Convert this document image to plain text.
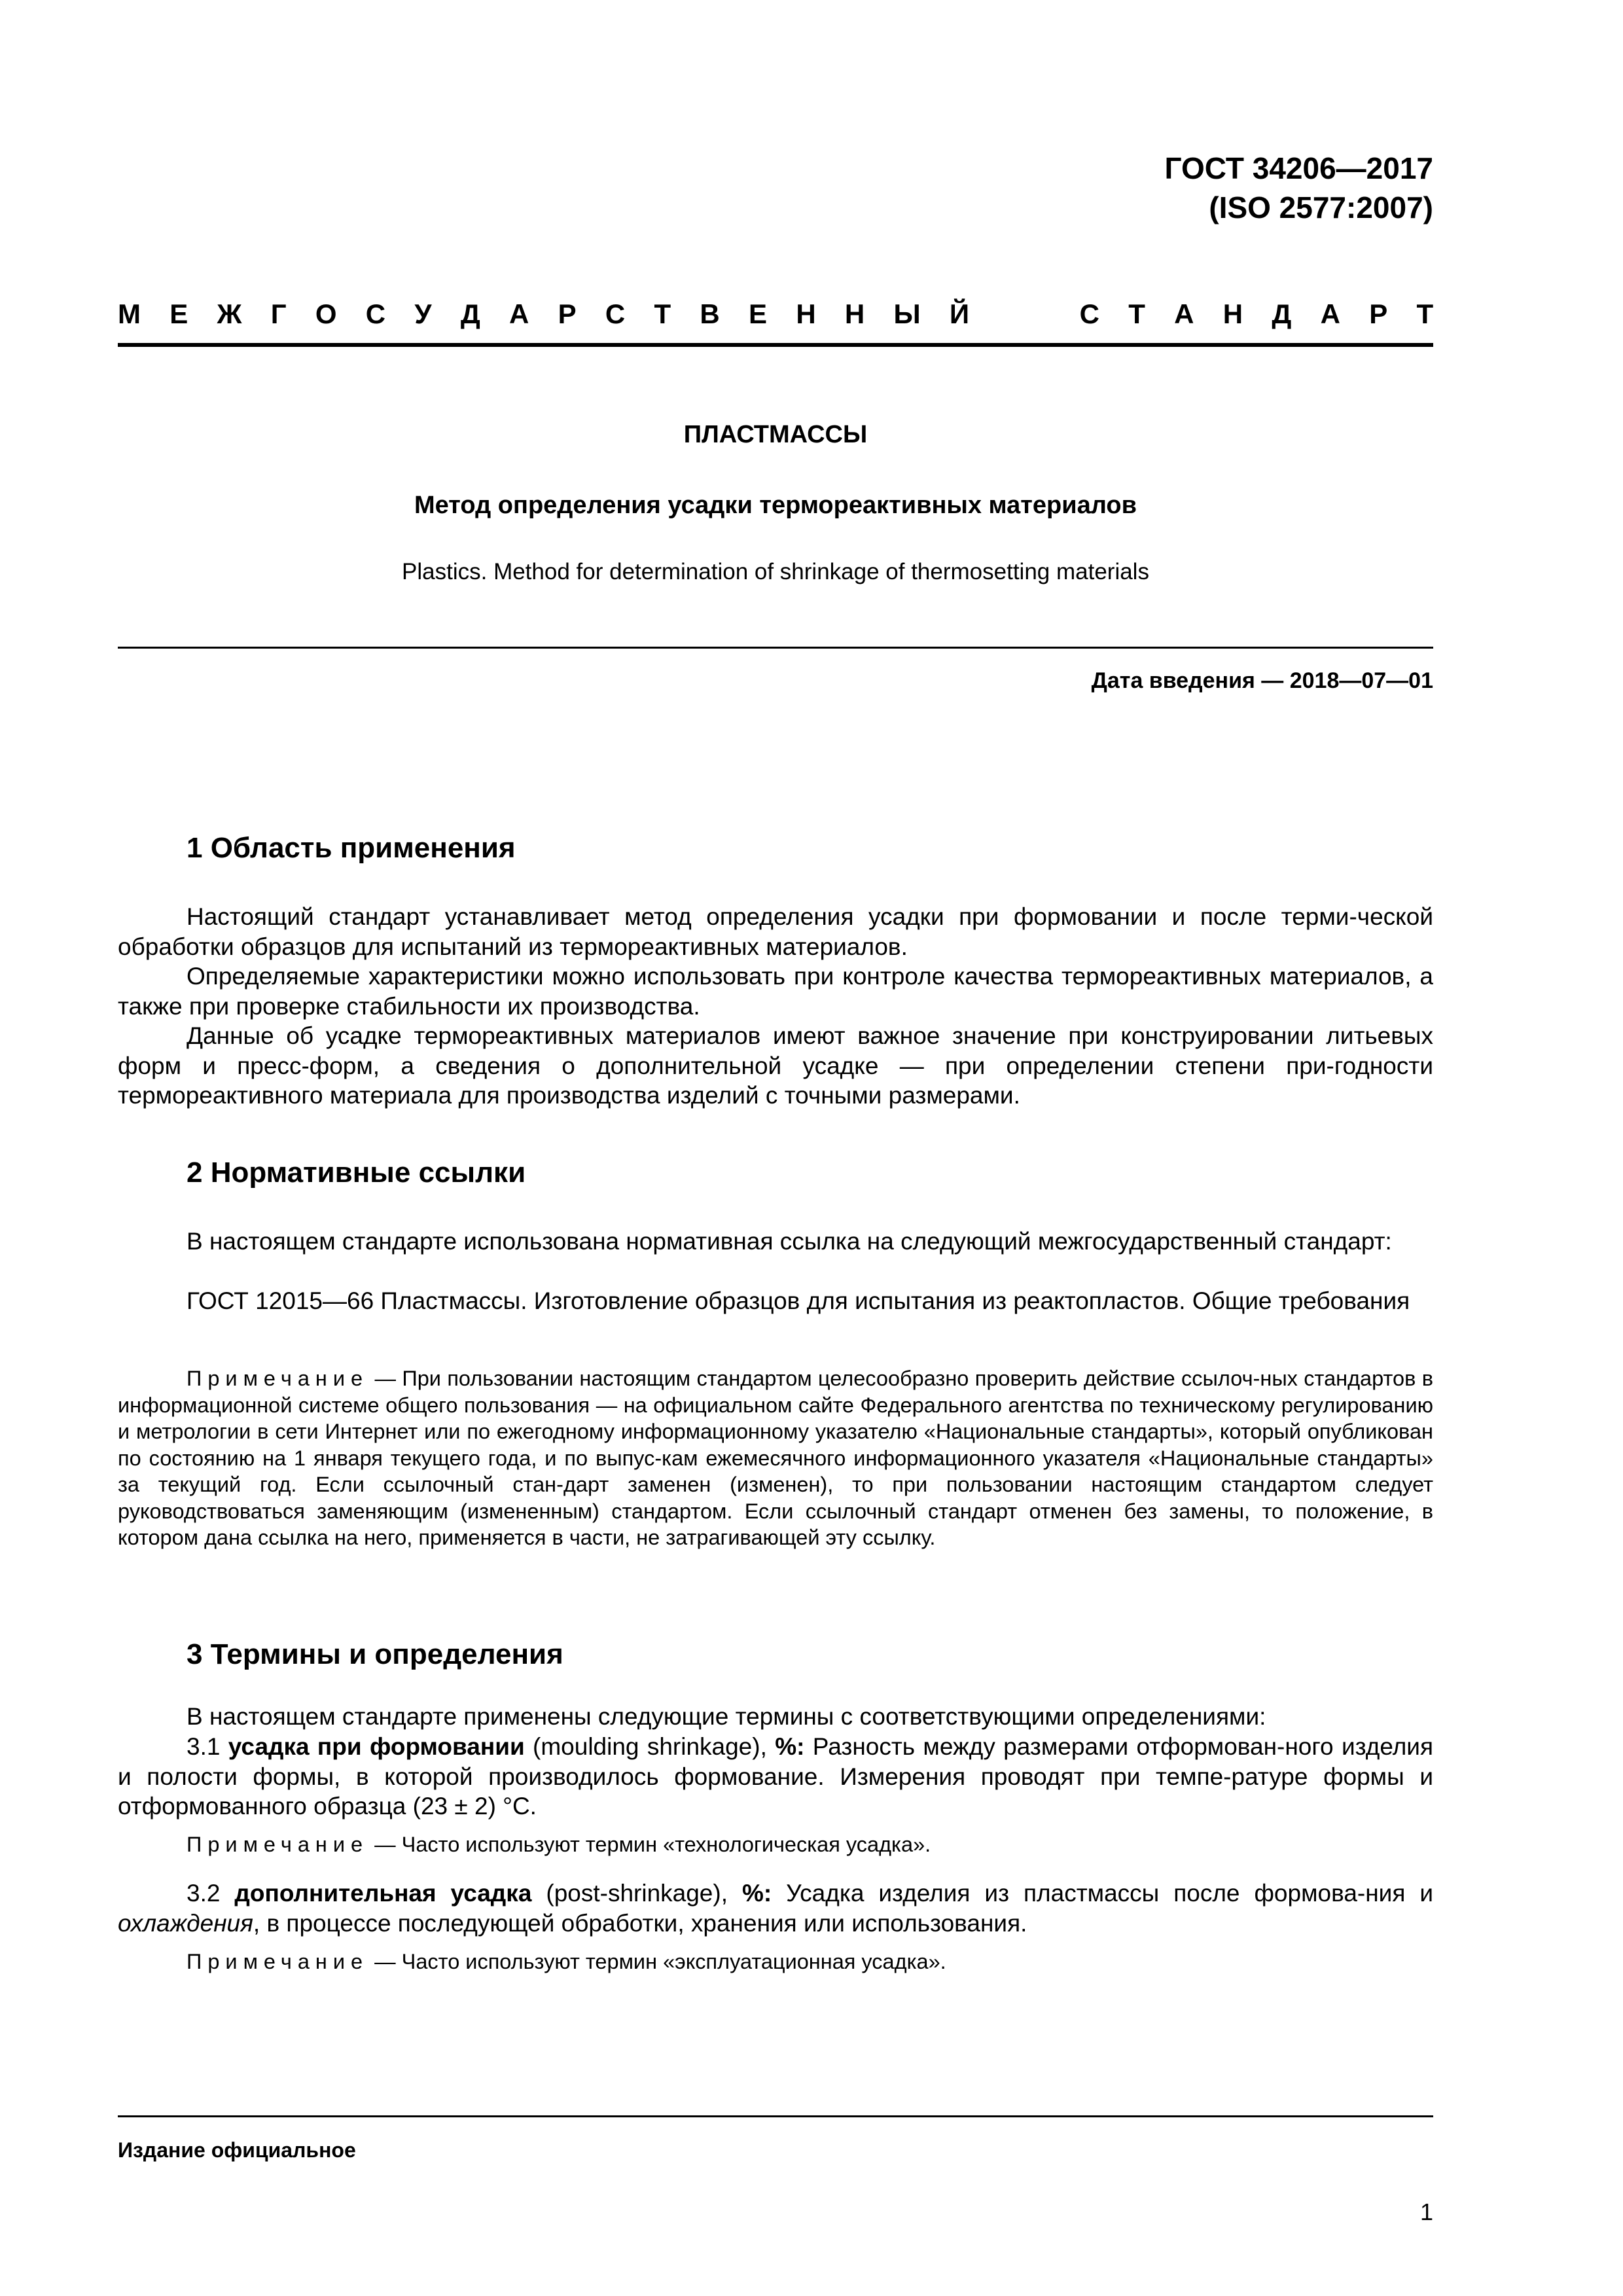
ГОСТ 34206—2017
(ISO 2577:2007)
М Е Ж Г О С У Д А Р С Т В Е Н Н Ы Й	С Т А Н Д А Р Т
ПЛАСТМАССЫ
Метод определения усадки термореактивных материалов
Plastics. Method for determination of shrinkage of thermosetting materials
Дата введения — 2018—07—01
1 Область применения
Настоящий стандарт устанавливает метод определения усадки при формовании и после терми-ческой обработки образцов для испытаний из термореактивных материалов.
Определяемые характеристики можно использовать при контроле качества термореактивных материалов, а также при проверке стабильности их производства.
Данные об усадке термореактивных материалов имеют важное значение при конструировании литьевых форм и пресс-форм, а сведения о дополнительной усадке — при определении степени при-годности термореактивного материала для производства изделий с точными размерами.
2 Нормативные ссылки
В настоящем стандарте использована нормативная ссылка на следующий межгосударственный стандарт:
ГОСТ 12015—66 Пластмассы. Изготовление образцов для испытания из реактопластов. Общие требования
Примечание — При пользовании настоящим стандартом целесообразно проверить действие ссылоч-ных стандартов в информационной системе общего пользования — на официальном сайте Федерального агентства по техническому регулированию и метрологии в сети Интернет или по ежегодному информационному указателю «Национальные стандарты», который опубликован по состоянию на 1 января текущего года, и по выпус-кам ежемесячного информационного указателя «Национальные стандарты» за текущий год. Если ссылочный стан-дарт заменен (изменен), то при пользовании настоящим стандартом следует руководствоваться заменяющим (измененным) стандартом. Если ссылочный стандарт отменен без замены, то положение, в котором дана ссылка на него, применяется в части, не затрагивающей эту ссылку.
3 Термины и определения
В настоящем стандарте применены следующие термины с соответствующими определениями:
3.1 усадка при формовании (moulding shrinkage), %: Разность между размерами отформован-ного изделия и полости формы, в которой производилось формование. Измерения проводят при темпе-ратуре формы и отформованного образца (23 ± 2) °С.
Примечание — Часто используют термин «технологическая усадка».
3.2 дополнительная усадка (post-shrinkage), %: Усадка изделия из пластмассы после формова-ния и охлаждения, в процессе последующей обработки, хранения или использования.
Примечание — Часто используют термин «эксплуатационная усадка».
Издание официальное
1
